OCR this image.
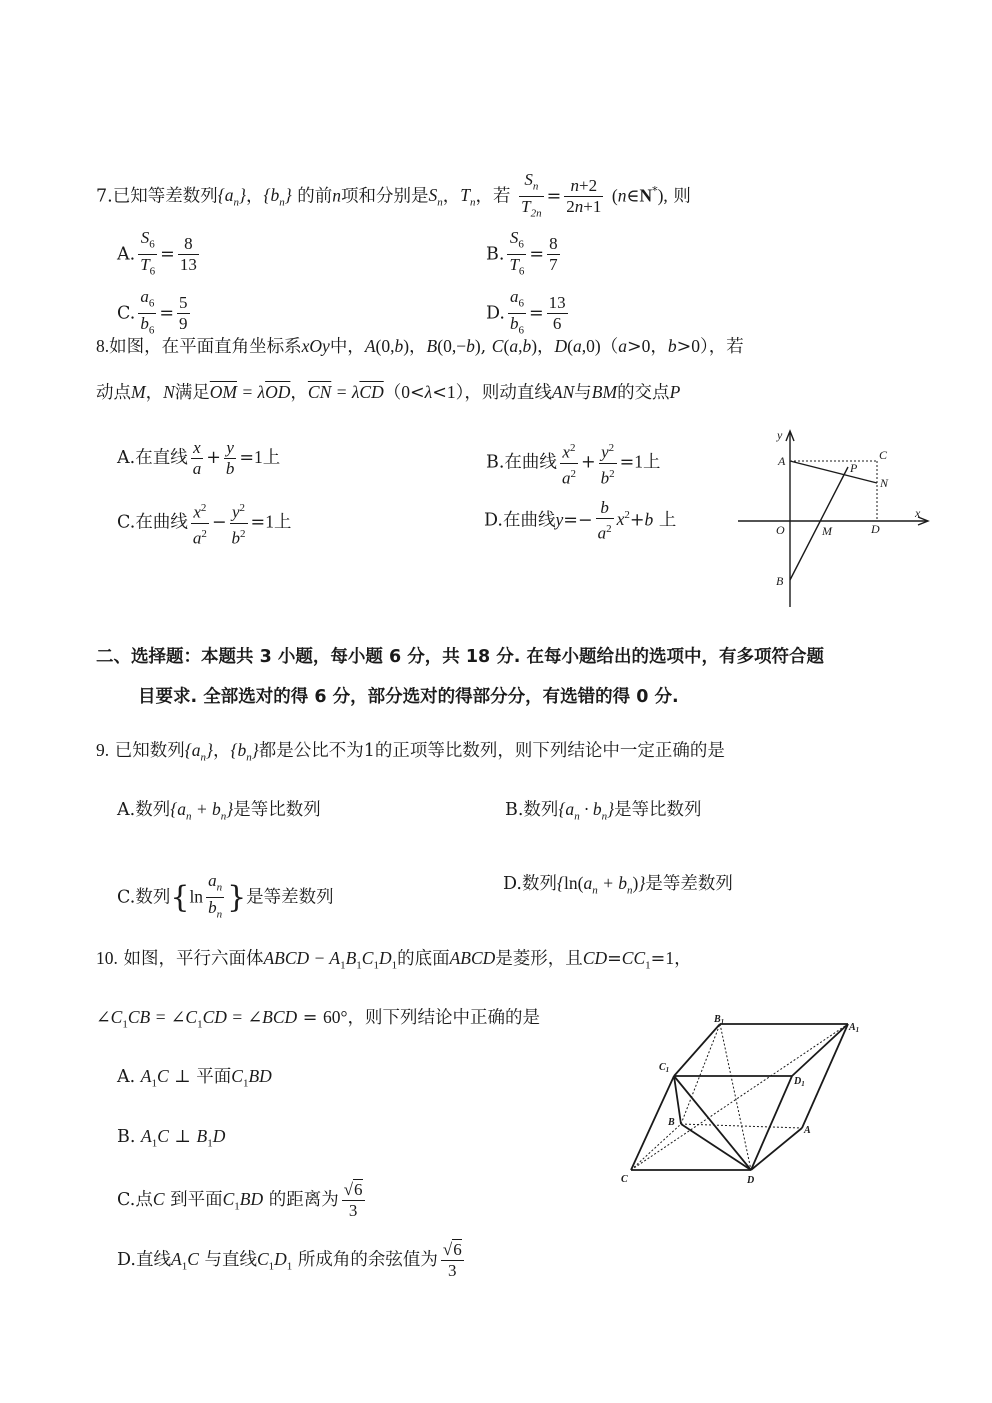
7.已知等差数列$\{a_n\}$，$\{b_n\}$ 的前n项和分别是$S_n$，$T_n$，若 $\frac{S_n}{T_{2n}} = \frac{n+2}{2n+1}$ (n∈N*), 则
A. $\frac{S_6}{T_6} = \frac{8}{13}$	B. $\frac{S_6}{T_6} = \frac{8}{7}$
C. $\frac{a_6}{b_6} = \frac{5}{9}$	D. $\frac{a_6}{b_6} = \frac{13}{6}$
8.如图，在平面直角坐标系xOy中，A(0,b)，B(0,−b), C(a,b)，D(a,0)（a>0，b>0），若
动点M，N满足$\overline{OM} = \lambda\overline{OD}$，$\overline{CN} = \lambda\overline{CD}(0<\lambda<1)$，则动直线AN与BM的交点P
A.在直线 $\frac{x}{a} + \frac{y}{b} =1$上	B.在曲线 $\frac{x^2}{a^2} + \frac{y^2}{b^2} =1$上
C.在曲线 $\frac{x^2}{a^2} - \frac{y^2}{b^2} =1$上	D.在曲线$y=- \frac{b}{a^2} x^2+b$ 上
y
x
A	C
P
N
O	M	D
B
二、选择题：本题共 3 小题，每小题 6 分，共 18 分. 在每小题给出的选项中，有多项符合题
目要求. 全部选对的得 6 分，部分选对的得部分分，有选错的得 0 分.
9. 已知数列$\{a_n\}$，$\{b_n\}$都是公比不为1的正项等比数列，则下列结论中一定正确的是
A.数列$\{a_n + b_n\}$是等比数列	B.数列$\{a_n \cdot b_n\}$是等比数列
C.数列{$\ln \frac{a_n}{b_n}$ }是等差数列
D.数列$\{\ln(a_n + b_n)\}$是等差数列
10. 如图，平行六面体ABCD − $A_1B_1C_1D_1$的底面ABCD是菱形，且$CD=CC_1=1$，
$\angle C_1CB$ = $\angle C_1CD$ = ∠BCD = 60°，则下列结论中正确的是
A. $A_1C$ ⊥ 平面$C_1BD$
B. $A_1C$ ⊥ $B_1D$
C.点C 到平面$C_1BD$ 的距离为 $\frac{√6}{3}$
D.直线$A_1C$ 与直线$C_1D_1$ 所成角的余弦值为 $\frac{√6}{3}$
$B_1$	$A_1$
$C_1$
$D_1$
B
A
C	D
